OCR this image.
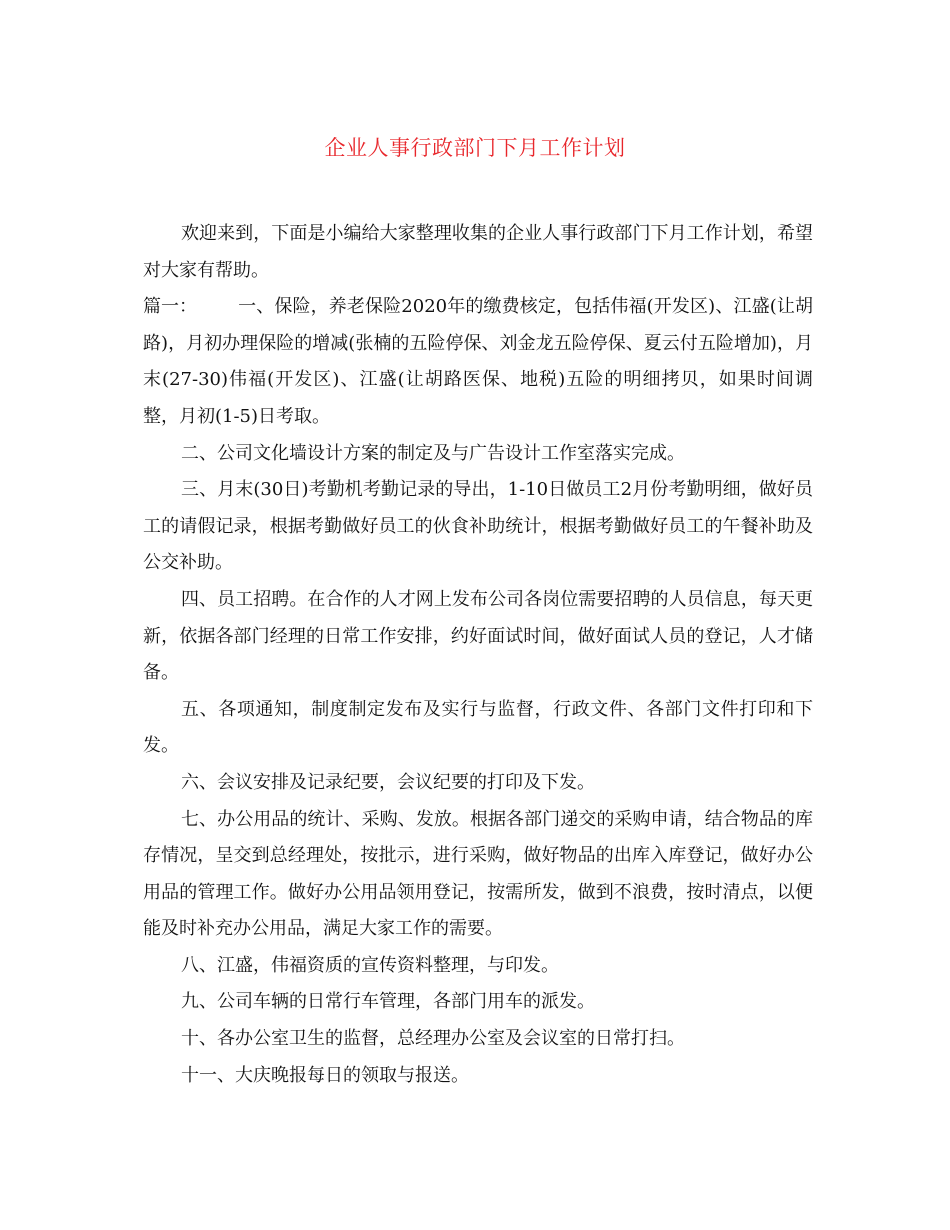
企业人事行政部门下月工作计划

欢迎来到，下面是小编给大家整理收集的企业人事行政部门下月工作计划，希望对大家有帮助。

篇一： 一、保险，养老保险2020年的缴费核定，包括伟福(开发区)、江盛(让胡路)，月初办理保险的增减(张楠的五险停保、刘金龙五险停保、夏云付五险增加)，月末(27-30)伟福(开发区)、江盛(让胡路医保、地税)五险的明细拷贝，如果时间调整，月初(1-5)日考取。

二、公司文化墙设计方案的制定及与广告设计工作室落实完成。

三、月末(30日)考勤机考勤记录的导出，1-10日做员工2月份考勤明细，做好员工的请假记录，根据考勤做好员工的伙食补助统计，根据考勤做好员工的午餐补助及公交补助。

四、员工招聘。在合作的人才网上发布公司各岗位需要招聘的人员信息，每天更新，依据各部门经理的日常工作安排，约好面试时间，做好面试人员的登记，人才储备。

五、各项通知，制度制定发布及实行与监督，行政文件、各部门文件打印和下发。

六、会议安排及记录纪要，会议纪要的打印及下发。

七、办公用品的统计、采购、发放。根据各部门递交的采购申请，结合物品的库存情况，呈交到总经理处，按批示，进行采购，做好物品的出库入库登记，做好办公用品的管理工作。做好办公用品领用登记，按需所发，做到不浪费，按时清点，以便能及时补充办公用品，满足大家工作的需要。

八、江盛，伟福资质的宣传资料整理，与印发。

九、公司车辆的日常行车管理，各部门用车的派发。

十、各办公室卫生的监督，总经理办公室及会议室的日常打扫。

十一、大庆晚报每日的领取与报送。
